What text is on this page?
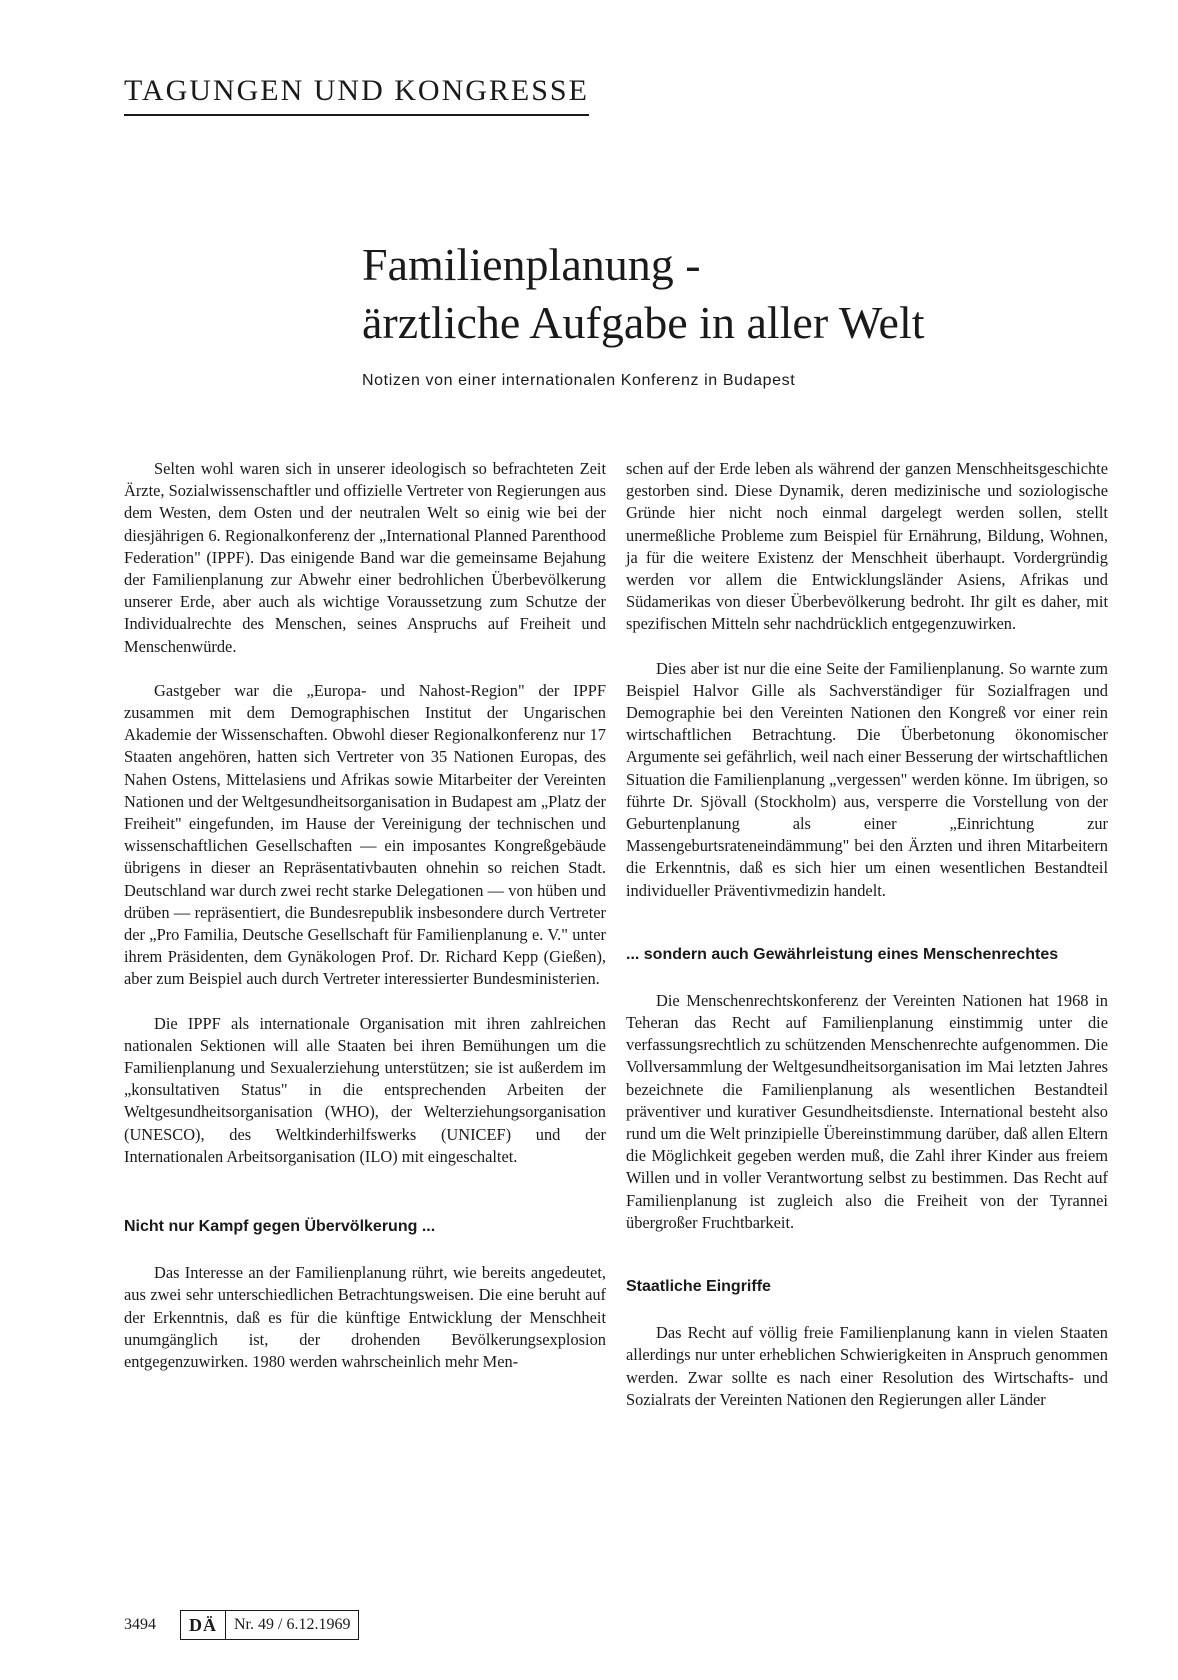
TAGUNGEN UND KONGRESSE
Familienplanung -
ärztliche Aufgabe in aller Welt
Notizen von einer internationalen Konferenz in Budapest

Selten wohl waren sich in unserer ideologisch so befrachteten Zeit Ärzte, Sozialwissenschaftler und offizielle Vertreter von Regierungen aus dem Westen, dem Osten und der neutralen Welt so einig wie bei der diesjährigen 6. Regionalkonferenz der „International Planned Parenthood Federation" (IPPF). Das einigende Band war die gemeinsame Bejahung der Familienplanung zur Abwehr einer bedrohlichen Überbevölkerung unserer Erde, aber auch als wichtige Voraussetzung zum Schutze der Individualrechte des Menschen, seines Anspruchs auf Freiheit und Menschenwürde.

Gastgeber war die „Europa- und Nahost-Region" der IPPF zusammen mit dem Demographischen Institut der Ungarischen Akademie der Wissenschaften. Obwohl dieser Regionalkonferenz nur 17 Staaten angehören, hatten sich Vertreter von 35 Nationen Europas, des Nahen Ostens, Mittelasiens und Afrikas sowie Mitarbeiter der Vereinten Nationen und der Weltgesundheitsorganisation in Budapest am „Platz der Freiheit" eingefunden, im Hause der Vereinigung der technischen und wissenschaftlichen Gesellschaften — ein imposantes Kongreßgebäude übrigens in dieser an Repräsentativbauten ohnehin so reichen Stadt. Deutschland war durch zwei recht starke Delegationen — von hüben und drüben — repräsentiert, die Bundesrepublik insbesondere durch Vertreter der „Pro Familia, Deutsche Gesellschaft für Familienplanung e. V." unter ihrem Präsidenten, dem Gynäkologen Prof. Dr. Richard Kepp (Gießen), aber zum Beispiel auch durch Vertreter interessierter Bundesministerien.

Die IPPF als internationale Organisation mit ihren zahlreichen nationalen Sektionen will alle Staaten bei ihren Bemühungen um die Familienplanung und Sexualerziehung unterstützen; sie ist außerdem im „konsultativen Status" in die entsprechenden Arbeiten der Weltgesundheitsorganisation (WHO), der Welterziehungsorganisation (UNESCO), des Weltkinderhilfswerks (UNICEF) und der Internationalen Arbeitsorganisation (ILO) mit eingeschaltet.

Nicht nur Kampf gegen Übervölkerung ...

Das Interesse an der Familienplanung rührt, wie bereits angedeutet, aus zwei sehr unterschiedlichen Betrachtungsweisen. Die eine beruht auf der Erkenntnis, daß es für die künftige Entwicklung der Menschheit unumgänglich ist, der drohenden Bevölkerungsexplosion entgegenzuwirken. 1980 werden wahrscheinlich mehr Men-

schen auf der Erde leben als während der ganzen Menschheitsgeschichte gestorben sind. Diese Dynamik, deren medizinische und soziologische Gründe hier nicht noch einmal dargelegt werden sollen, stellt unermeßliche Probleme zum Beispiel für Ernährung, Bildung, Wohnen, ja für die weitere Existenz der Menschheit überhaupt. Vordergründig werden vor allem die Entwicklungsländer Asiens, Afrikas und Südamerikas von dieser Überbevölkerung bedroht. Ihr gilt es daher, mit spezifischen Mitteln sehr nachdrücklich entgegenzuwirken.

Dies aber ist nur die eine Seite der Familienplanung. So warnte zum Beispiel Halvor Gille als Sachverständiger für Sozialfragen und Demographie bei den Vereinten Nationen den Kongreß vor einer rein wirtschaftlichen Betrachtung. Die Überbetonung ökonomischer Argumente sei gefährlich, weil nach einer Besserung der wirtschaftlichen Situation die Familienplanung „vergessen" werden könne. Im übrigen, so führte Dr. Sjövall (Stockholm) aus, versperre die Vorstellung von der Geburtenplanung als einer „Einrichtung zur Massengeburtsrateneindämmung" bei den Ärzten und ihren Mitarbeitern die Erkenntnis, daß es sich hier um einen wesentlichen Bestandteil individueller Präventivmedizin handelt.

... sondern auch Gewährleistung eines Menschenrechtes

Die Menschenrechtskonferenz der Vereinten Nationen hat 1968 in Teheran das Recht auf Familienplanung einstimmig unter die verfassungsrechtlich zu schützenden Menschenrechte aufgenommen. Die Vollversammlung der Weltgesundheitsorganisation im Mai letzten Jahres bezeichnete die Familienplanung als wesentlichen Bestandteil präventiver und kurativer Gesundheitsdienste. International besteht also rund um die Welt prinzipielle Übereinstimmung darüber, daß allen Eltern die Möglichkeit gegeben werden muß, die Zahl ihrer Kinder aus freiem Willen und in voller Verantwortung selbst zu bestimmen. Das Recht auf Familienplanung ist zugleich also die Freiheit von der Tyrannei übergroßer Fruchtbarkeit.

Staatliche Eingriffe

Das Recht auf völlig freie Familienplanung kann in vielen Staaten allerdings nur unter erheblichen Schwierigkeiten in Anspruch genommen werden. Zwar sollte es nach einer Resolution des Wirtschafts- und Sozialrats der Vereinten Nationen den Regierungen aller Länder

3494	DÄ	Nr. 49 / 6.12.1969
